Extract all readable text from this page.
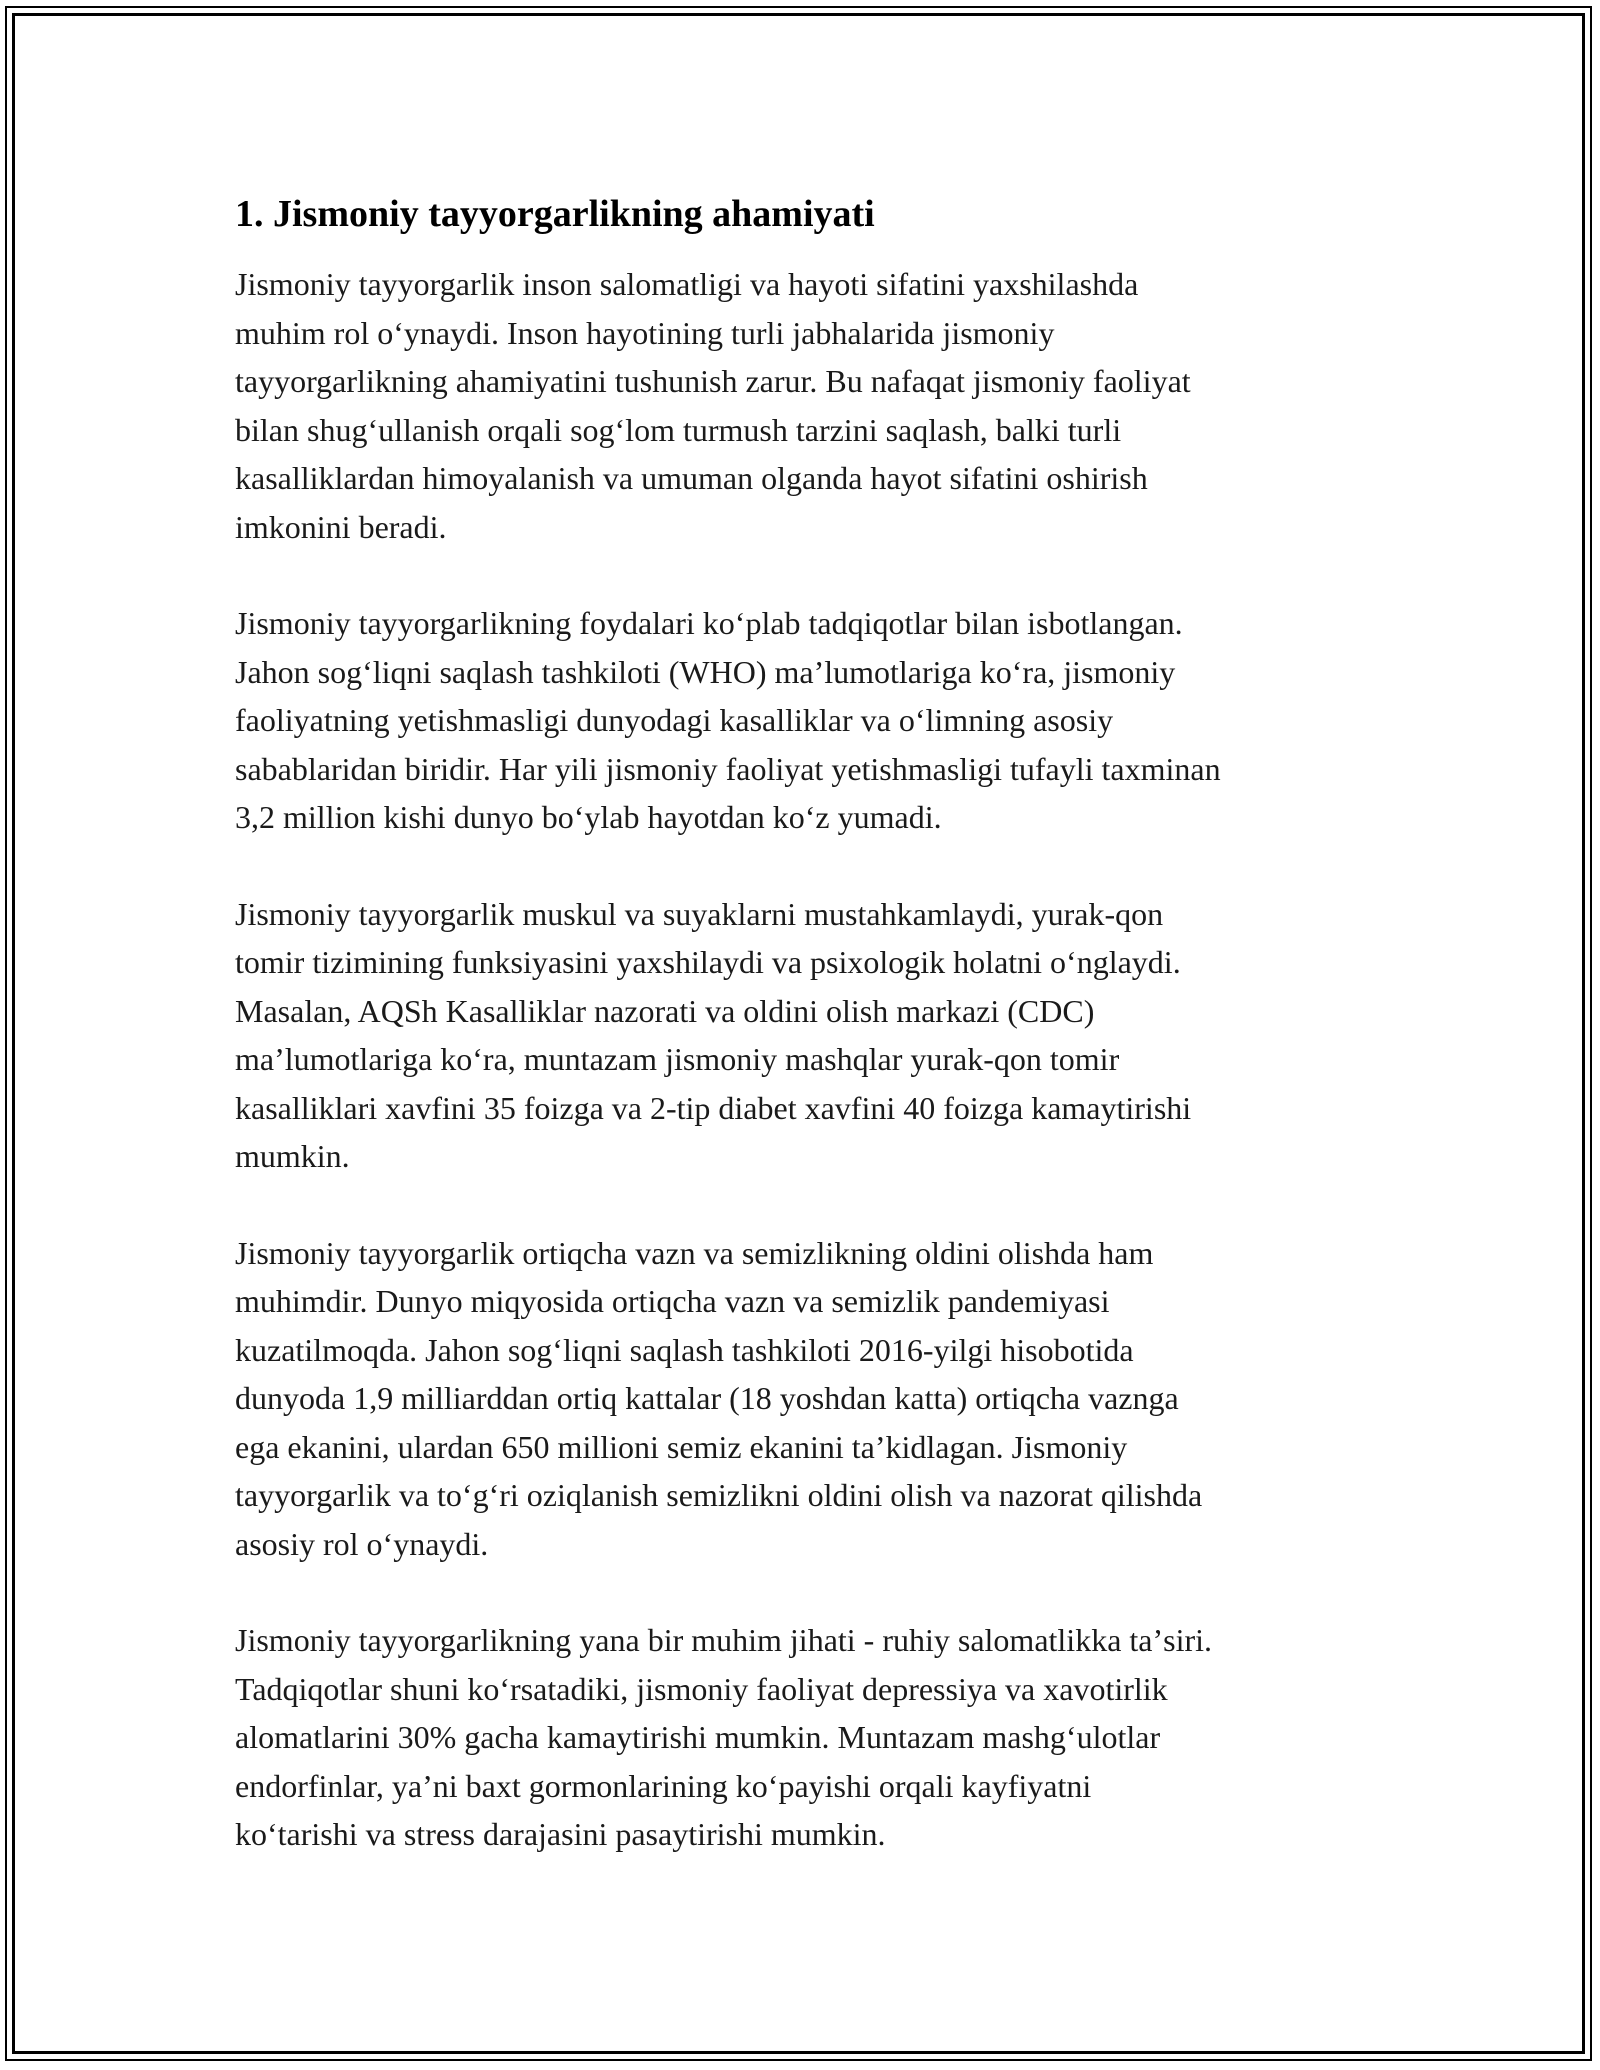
1. Jismoniy tayyorgarlikning ahamiyati

Jismoniy tayyorgarlik inson salomatligi va hayoti sifatini yaxshilashda
muhim rol oʻynaydi. Inson hayotining turli jabhalarida jismoniy
tayyorgarlikning ahamiyatini tushunish zarur. Bu nafaqat jismoniy faoliyat
bilan shugʻullanish orqali sogʻlom turmush tarzini saqlash, balki turli
kasalliklardan himoyalanish va umuman olganda hayot sifatini oshirish
imkonini beradi.

Jismoniy tayyorgarlikning foydalari koʻplab tadqiqotlar bilan isbotlangan.
Jahon sogʻliqni saqlash tashkiloti (WHO) maʼlumotlariga koʻra, jismoniy
faoliyatning yetishmasligi dunyodagi kasalliklar va oʻlimning asosiy
sabablaridan biridir. Har yili jismoniy faoliyat yetishmasligi tufayli taxminan
3,2 million kishi dunyo boʻylab hayotdan koʻz yumadi.

Jismoniy tayyorgarlik muskul va suyaklarni mustahkamlaydi, yurak-qon
tomir tizimining funksiyasini yaxshilaydi va psixologik holatni oʻnglaydi.
Masalan, AQSh Kasalliklar nazorati va oldini olish markazi (CDC)
maʼlumotlariga koʻra, muntazam jismoniy mashqlar yurak-qon tomir
kasalliklari xavfini 35 foizga va 2-tip diabet xavfini 40 foizga kamaytirishi
mumkin.

Jismoniy tayyorgarlik ortiqcha vazn va semizlikning oldini olishda ham
muhimdir. Dunyo miqyosida ortiqcha vazn va semizlik pandemiyasi
kuzatilmoqda. Jahon sogʻliqni saqlash tashkiloti 2016-yilgi hisobotida
dunyoda 1,9 milliarddan ortiq kattalar (18 yoshdan katta) ortiqcha vaznga
ega ekanini, ulardan 650 millioni semiz ekanini taʼkidlagan. Jismoniy
tayyorgarlik va toʻgʻri oziqlanish semizlikni oldini olish va nazorat qilishda
asosiy rol oʻynaydi.

Jismoniy tayyorgarlikning yana bir muhim jihati - ruhiy salomatlikka taʼsiri.
Tadqiqotlar shuni koʻrsatadiki, jismoniy faoliyat depressiya va xavotirlik
alomatlarini 30% gacha kamaytirishi mumkin. Muntazam mashgʻulotlar
endorfinlar, yaʼni baxt gormonlarining koʻpayishi orqali kayfiyatni
koʻtarishi va stress darajasini pasaytirishi mumkin.
